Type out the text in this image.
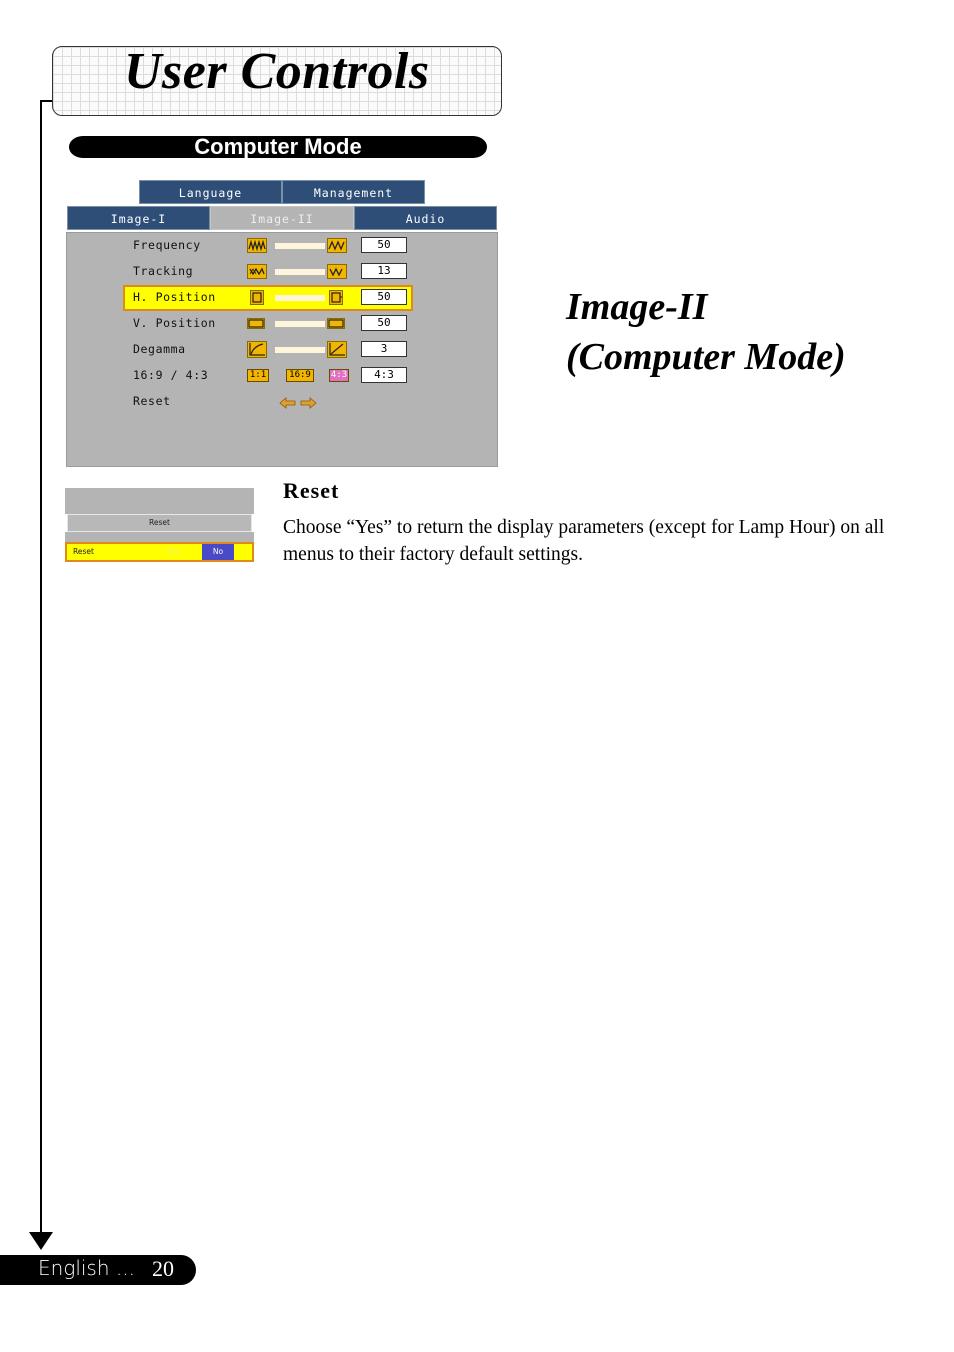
User Controls
Computer Mode
Language	Management
Image-I	Image-II	Audio
Frequency	50
Tracking	13
H. Position	50
V. Position	50
Degamma	3
16:9 / 4:3	1:1	16:9	4:3	4:3
Reset
Image-II
(Computer Mode)
Reset
Reset	Yes	No
Reset
Choose “Yes” to return the display parameters (except for Lamp Hour) on all menus to their factory default settings.
English ... 20
